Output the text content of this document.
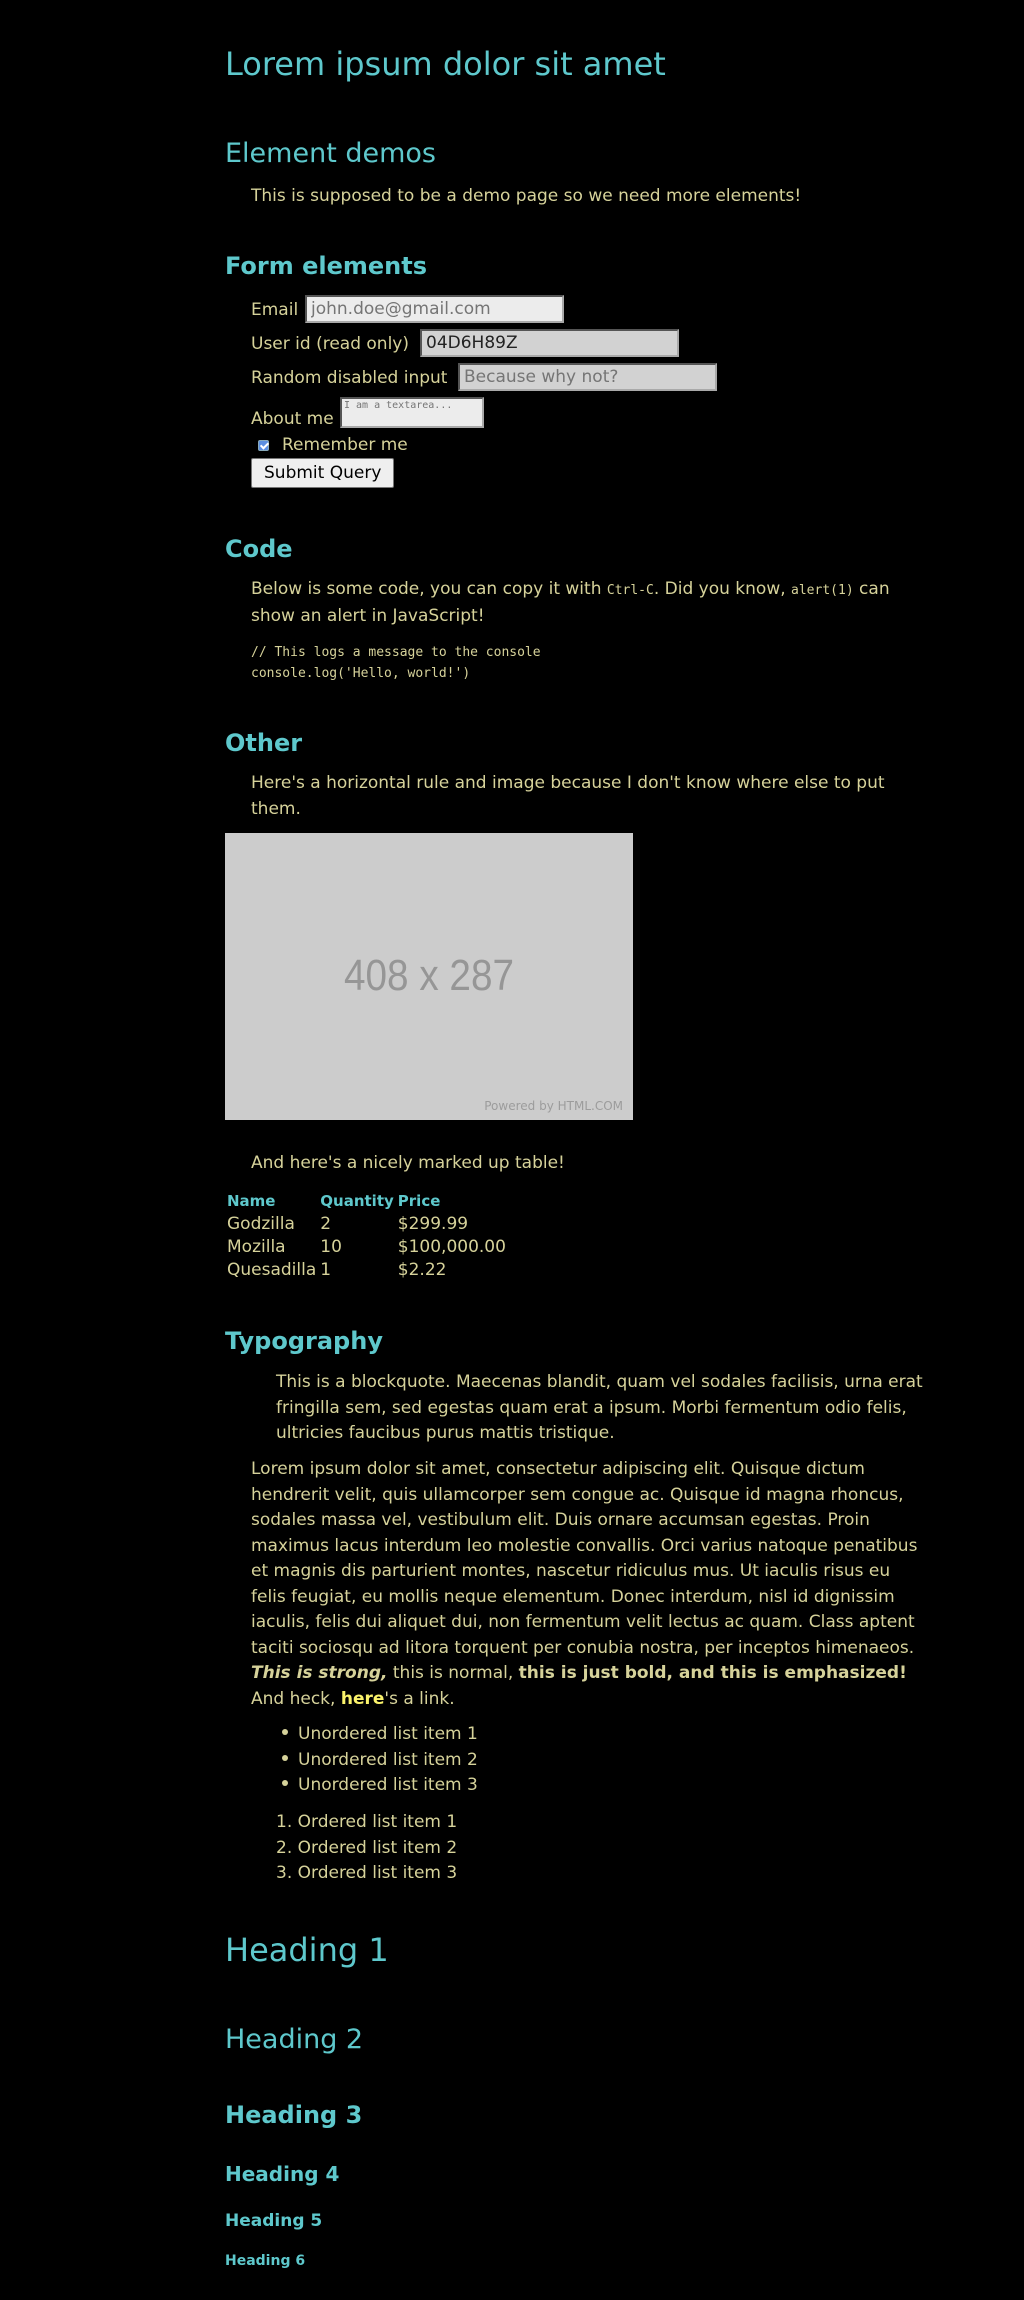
Lorem ipsum dolor sit amet
Element demos

This is supposed to be a demo page so we need more elements!

Form elements
Email
john.doe@gmail.com
User id (read only)
04D6H89Z
Random disabled input
Because why not?
About me
I am a textarea...
Remember me
Submit Query
Code

Below is some code, you can copy it with Ctrl-C. Did you know, alert(1) can
show an alert in JavaScript!

// This logs a message to the console
console.log('Hello, world!')
Other

Here's a horizontal rule and image because I don't know where else to put
them.

408 x 287
Powered by HTML.COM

And here's a nicely marked up table!

Name	Quantity	Price
Godzilla	2	$299.99
Mozilla	10	$100,000.00
Quesadilla	1	$2.22
Typography
This is a blockquote. Maecenas blandit, quam vel sodales facilisis, urna erat
fringilla sem, sed egestas quam erat a ipsum. Morbi fermentum odio felis,
ultricies faucibus purus mattis tristique.

Lorem ipsum dolor sit amet, consectetur adipiscing elit. Quisque dictum
hendrerit velit, quis ullamcorper sem congue ac. Quisque id magna rhoncus,
sodales massa vel, vestibulum elit. Duis ornare accumsan egestas. Proin
maximus lacus interdum leo molestie convallis. Orci varius natoque penatibus
et magnis dis parturient montes, nascetur ridiculus mus. Ut iaculis risus eu
felis feugiat, eu mollis neque elementum. Donec interdum, nisl id dignissim
iaculis, felis dui aliquet dui, non fermentum velit lectus ac quam. Class aptent
taciti sociosqu ad litora torquent per conubia nostra, per inceptos himenaeos.
This is strong, this is normal, this is just bold, and this is emphasized!
And heck, here's a link.

Unordered list item 1
Unordered list item 2
Unordered list item 3
1. Ordered list item 1
2. Ordered list item 2
3. Ordered list item 3
Heading 1
Heading 2
Heading 3
Heading 4
Heading 5
Heading 6
